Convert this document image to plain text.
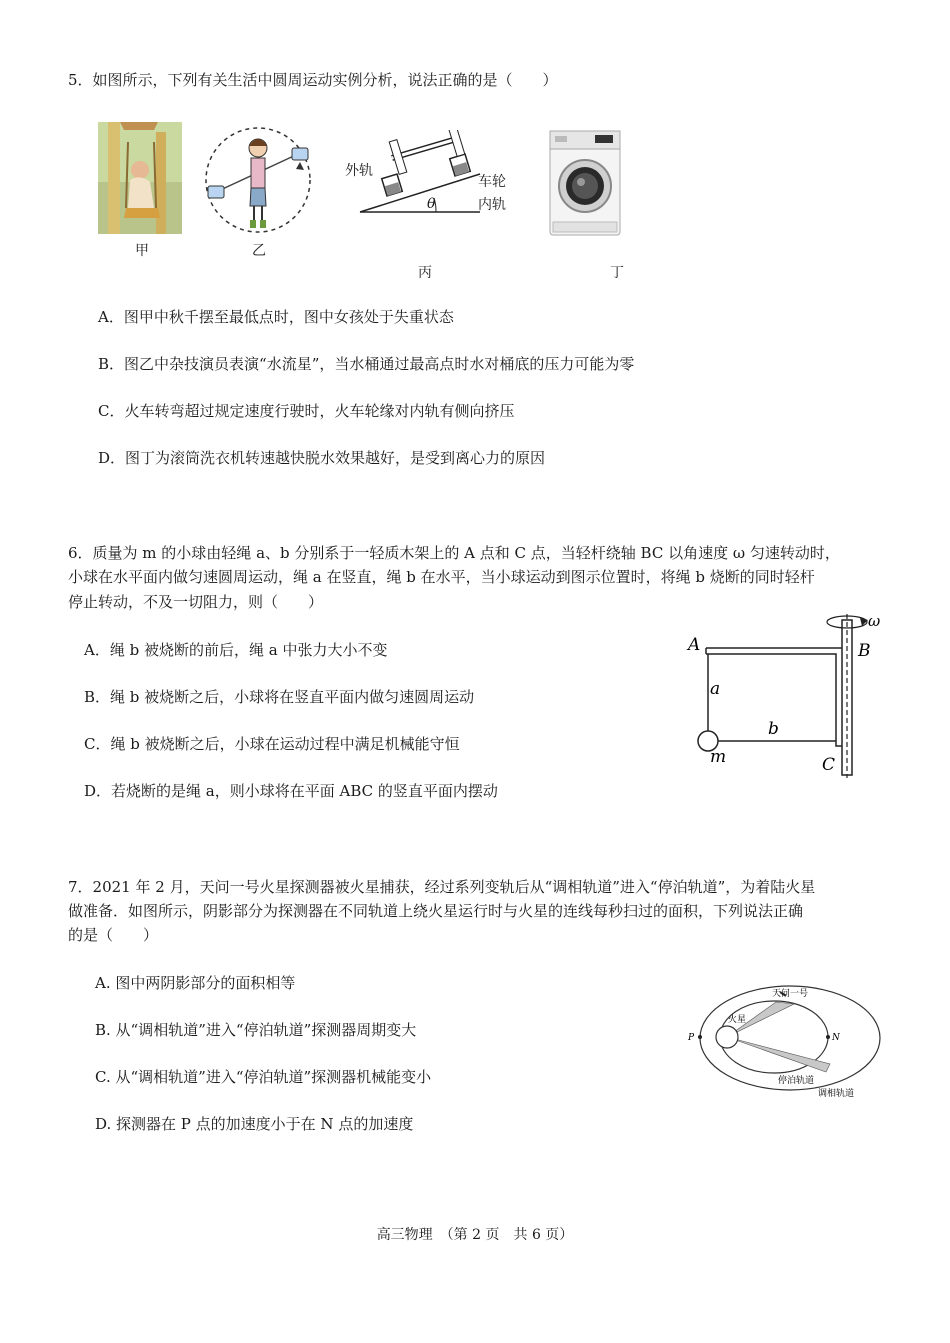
5．如图所示，下列有关生活中圆周运动实例分析，说法正确的是（　　）
甲	乙
外轨
车轮
内轨
θ
丙	丁
A．图甲中秋千摆至最低点时，图中女孩处于失重状态
B．图乙中杂技演员表演“水流星”，当水桶通过最高点时水对桶底的压力可能为零
C．火车转弯超过规定速度行驶时，火车轮缘对内轨有侧向挤压
D．图丁为滚筒洗衣机转速越快脱水效果越好，是受到离心力的原因
6．质量为 m 的小球由轻绳 a、b 分别系于一轻质木架上的 A 点和 C 点，当轻杆绕轴 BC 以角速度 ω 匀速转动时，
小球在水平面内做匀速圆周运动，绳 a 在竖直，绳 b 在水平，当小球运动到图示位置时，将绳 b 烧断的同时轻杆
停止转动，不及一切阻力，则（　　）
A．绳 b 被烧断的前后，绳 a 中张力大小不变
B．绳 b 被烧断之后，小球将在竖直平面内做匀速圆周运动
C．绳 b 被烧断之后，小球在运动过程中满足机械能守恒
D．若烧断的是绳 a，则小球将在平面 ABC 的竖直平面内摆动
ω
A	B
C
a
b
m
7．2021 年 2 月，天问一号火星探测器被火星捕获，经过系列变轨后从“调相轨道”进入“停泊轨道”，为着陆火星
做准备．如图所示，阴影部分为探测器在不同轨道上绕火星运行时与火星的连线每秒扫过的面积，下列说法正确
的是（　　）
A. 图中两阴影部分的面积相等
B. 从“调相轨道”进入“停泊轨道”探测器周期变大
C. 从“调相轨道”进入“停泊轨道”探测器机械能变小
D. 探测器在 P 点的加速度小于在 N 点的加速度
P	N
火星
天问一号
停泊轨道
调相轨道
高三物理　（第 2 页　共 6 页）
